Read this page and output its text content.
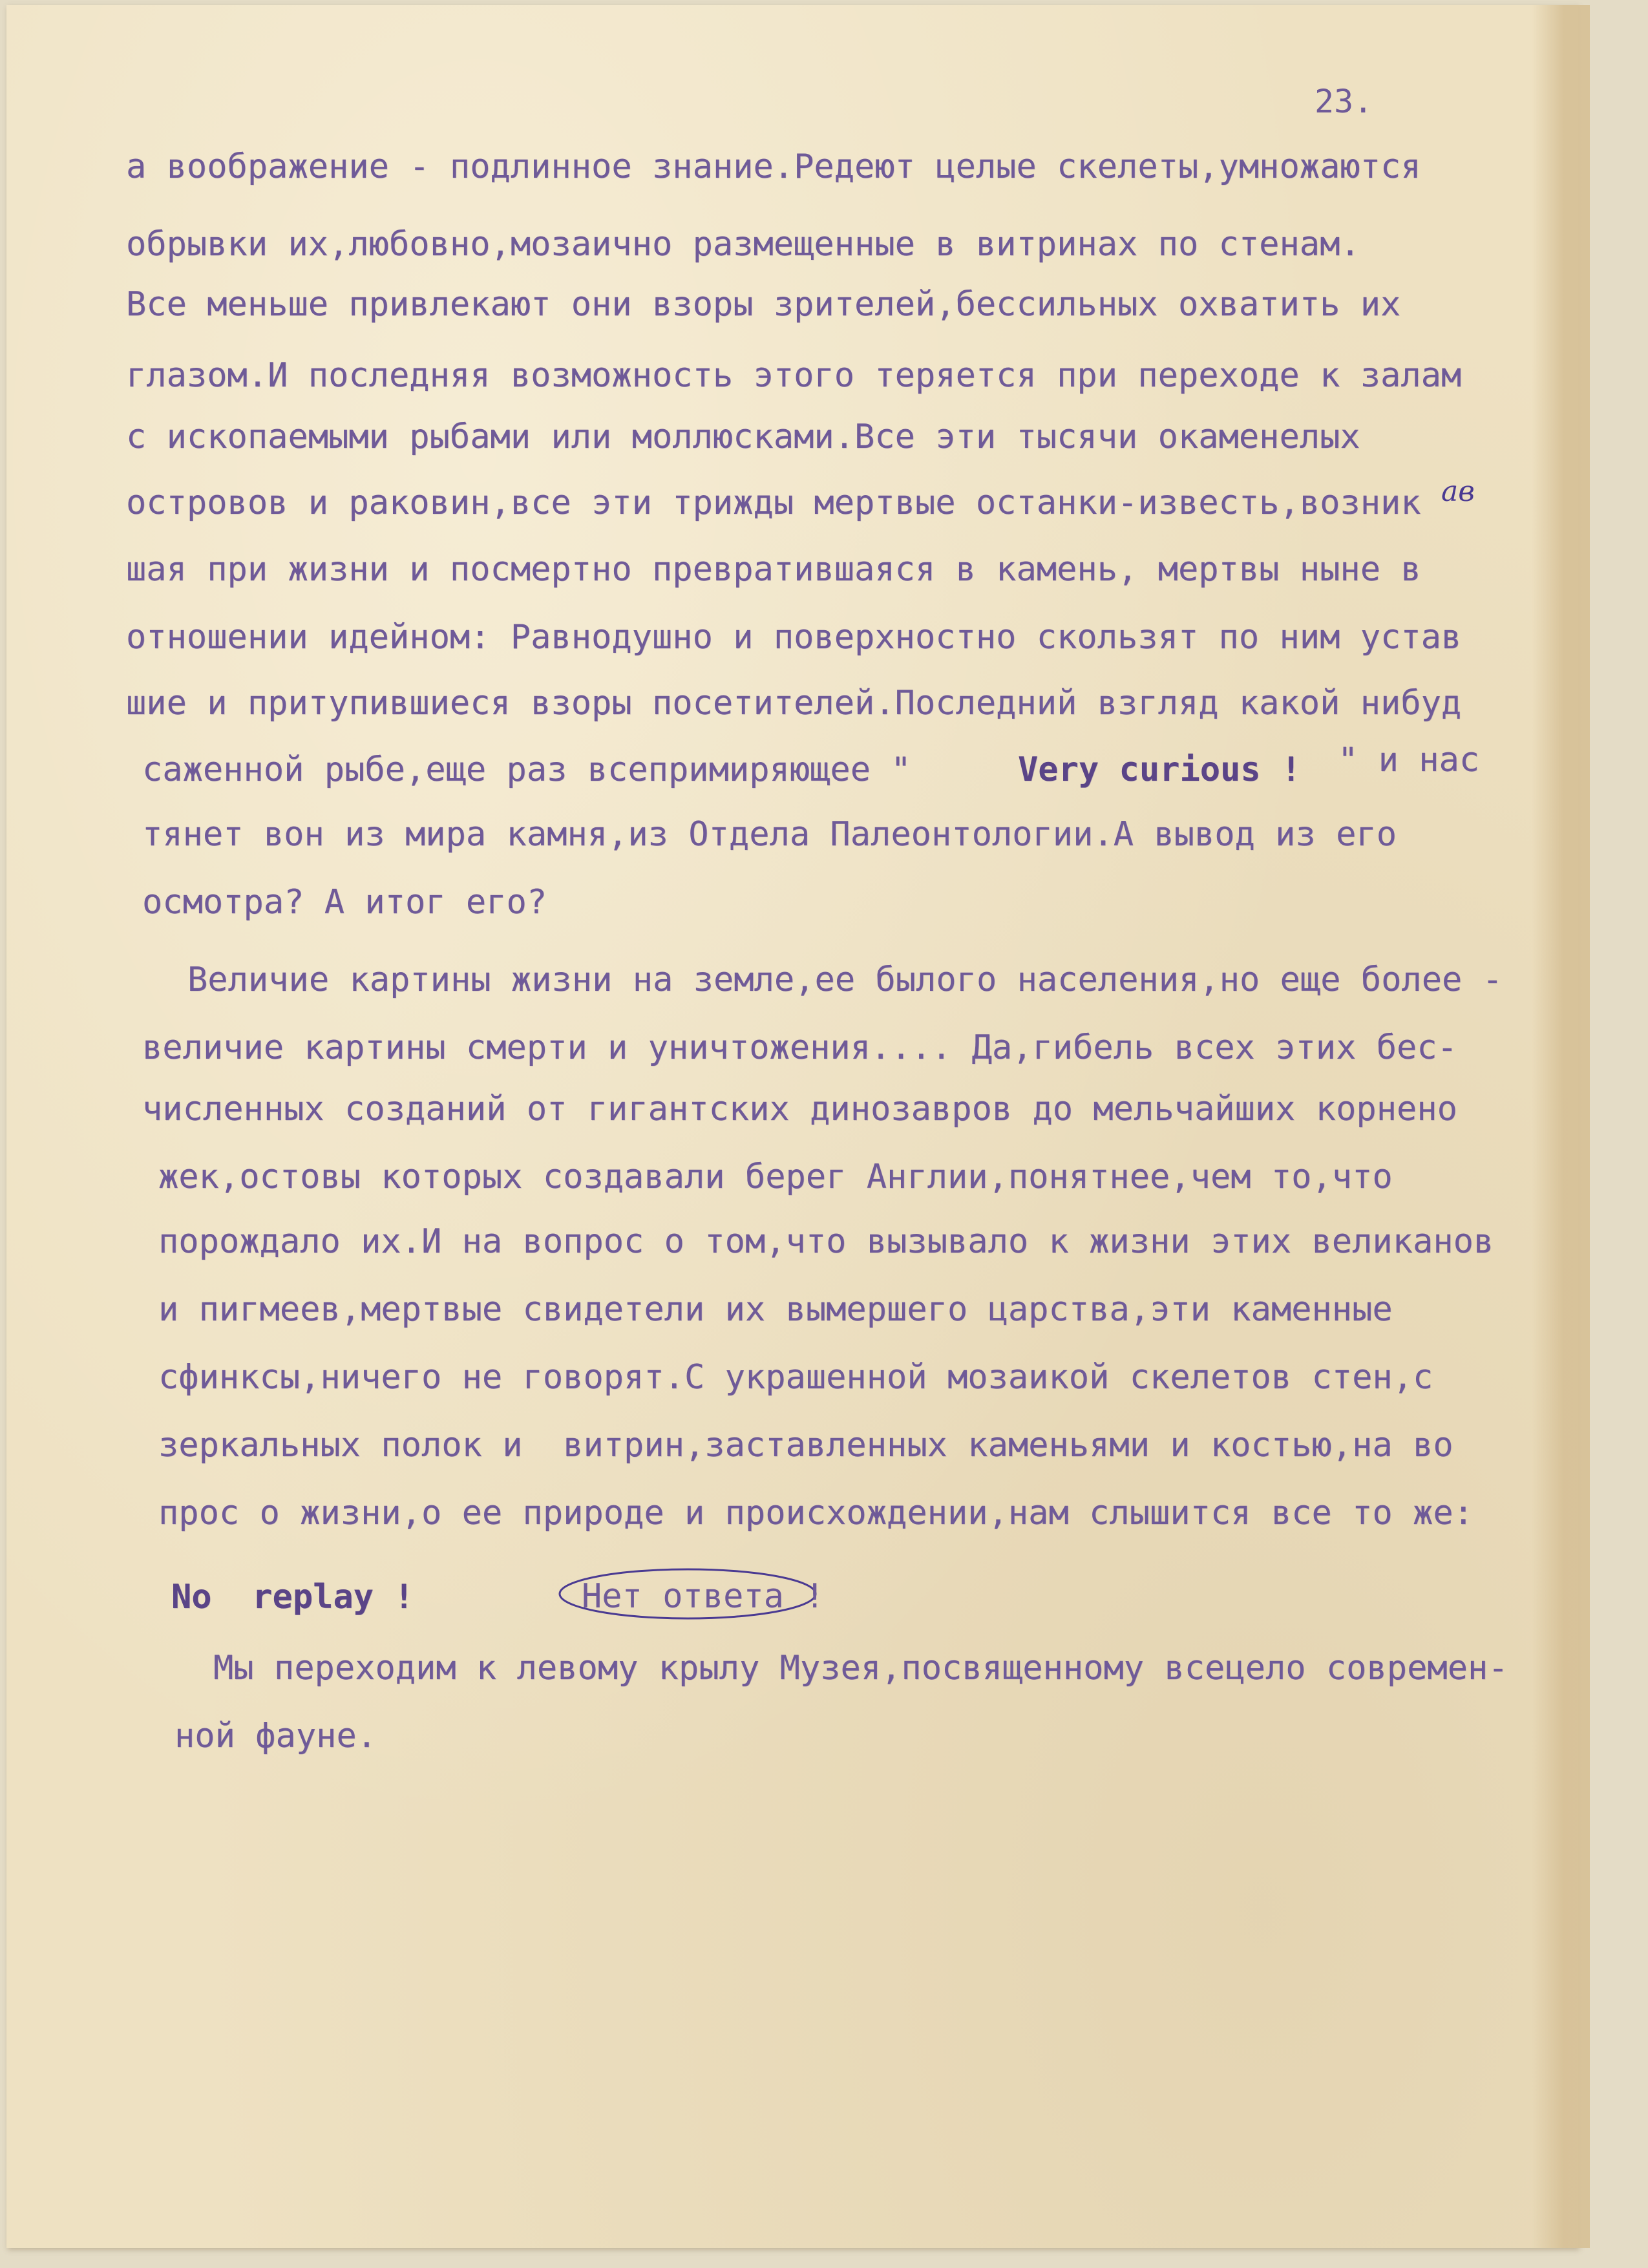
23.
а воображение - подлинное знание.Редеют целые скелеты,умножаются
обрывки их,любовно,мозаично размещенные в витринах по стенам.
Все меньше привлекают они взоры зрителей,бессильных охватить их
глазом.И последняя возможность этого теряется при переходе к залам
с ископаемыми рыбами или моллюсками.Все эти тысячи окаменелых
островов и раковин,все эти трижды мертвые останки-известь,возник ав
шая при жизни и посмертно превратившаяся в камень, мертвы ныне в
отношении идейном: Равнодушно и поверхностно скользят по ним устав
шие и притупившиеся взоры посетителей.Последний взгляд какой нибуд
саженной рыбе,еще раз всепримиряющее "	Very curious ! " и нас
тянет вон из мира камня,из Отдела Палеонтологии.А вывод из его
осмотра? А итог его?
Величие картины жизни на земле,ее былого населения,но еще более -
величие картины смерти и уничтожения.... Да,гибель всех этих бес-
численных созданий от гигантских динозавров до мельчайших корнено
жек,остовы которых создавали берег Англии,понятнее,чем то,что
порождало их.И на вопрос о том,что вызывало к жизни этих великанов
и пигмеев,мертвые свидетели их вымершего царства,эти каменные
сфинксы,ничего не говорят.С украшенной мозаикой скелетов стен,с
зеркальных полок и  витрин,заставленных каменьями и костью,на во
прос о жизни,о ее природе и происхождении,нам слышится все то же:
No  replay !	Нет ответа !
Мы переходим к левому крылу Музея,посвященному всецело современ-
ной фауне.
